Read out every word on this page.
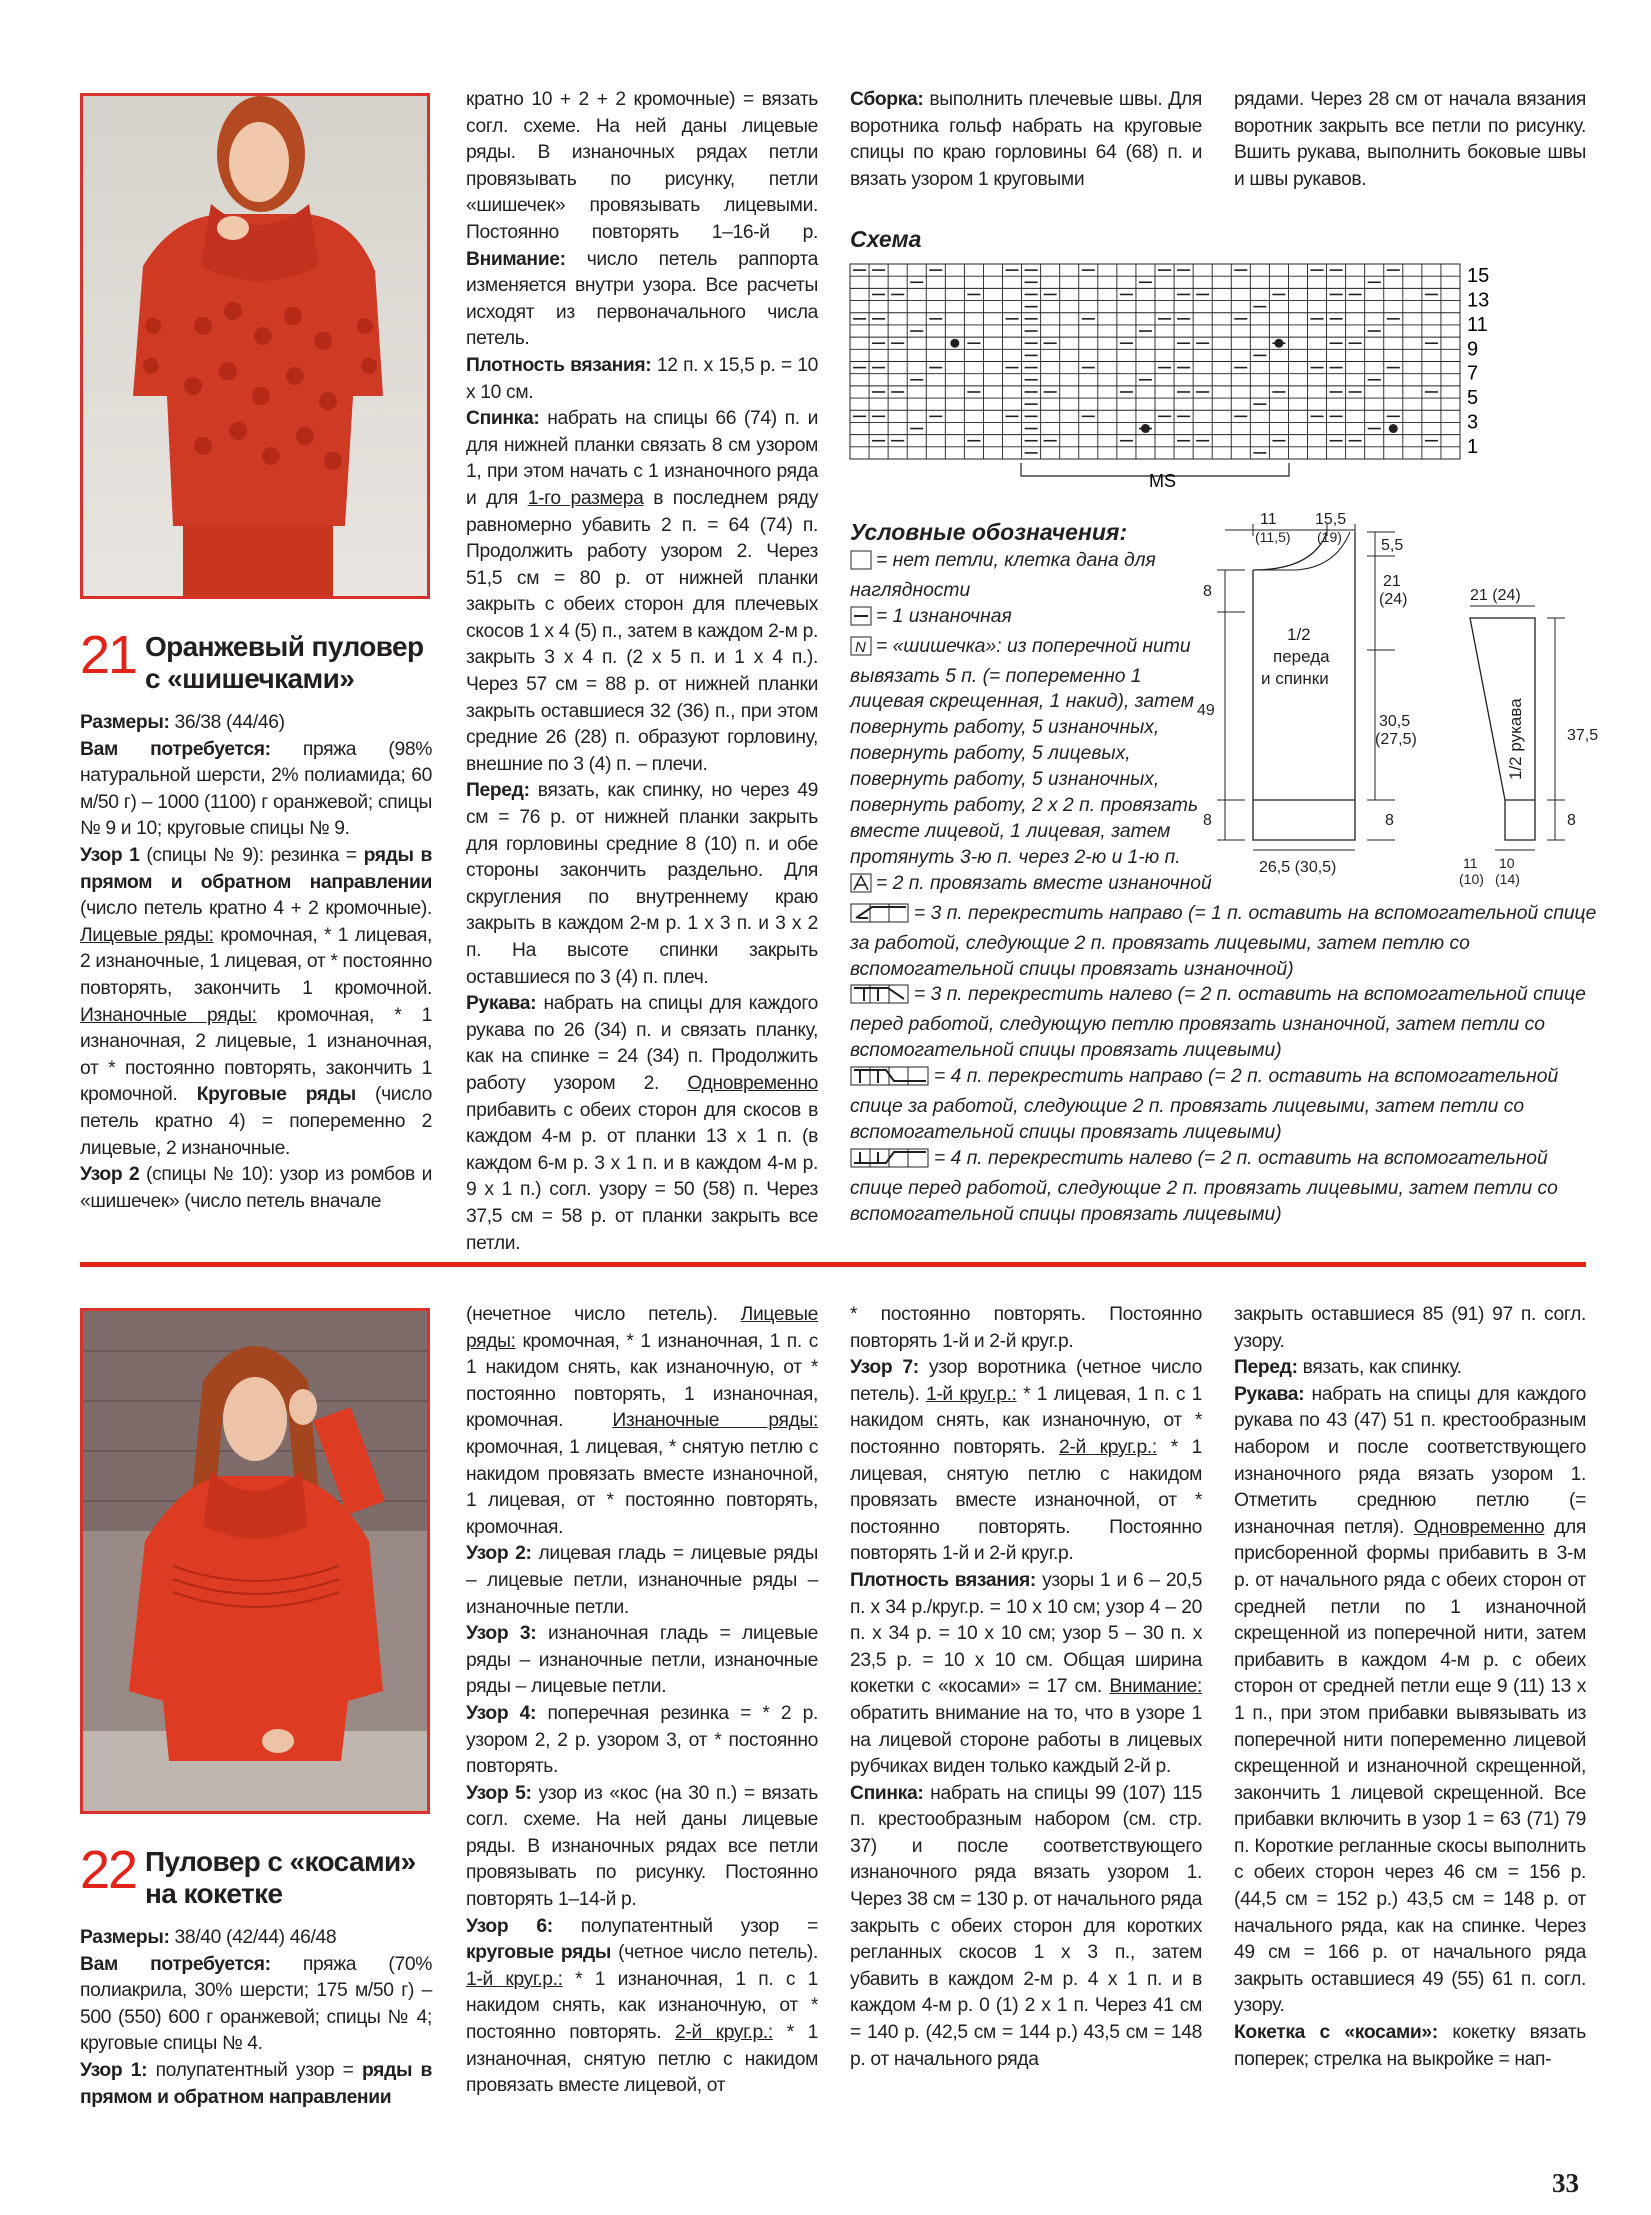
21 Оранжевый пуловер
с «шишечками»

Размеры: 36/38 (44/46)

Вам потребуется: пряжа (98% натуральной шерсти, 2% полиамида; 60 м/50 г) – 1000 (1100) г оранжевой; спицы № 9 и 10; круговые спицы № 9.

Узор 1 (спицы № 9): резинка = ряды в прямом и обратном направлении (число петель кратно 4 + 2 кромочные). Лицевые ряды: кромочная, * 1 лицевая, 2 изнаночные, 1 лицевая, от * постоянно повторять, закончить 1 кромочной. Изнаночные ряды: кромочная, * 1 изнаночная, 2 лицевые, 1 изнаночная, от * постоянно повторять, закончить 1 кромочной. Круговые ряды (число петель кратно 4) = попеременно 2 лицевые, 2 изнаночные.

Узор 2 (спицы № 10): узор из ромбов и «шишечек» (число петель вначале

кратно 10 + 2 + 2 кромочные) = вязать согл. схеме. На ней даны лицевые ряды. В изнаночных рядах петли провязывать по рисунку, петли «шишечек» провязывать лицевыми. Постоянно повторять 1–16-й р. Внимание: число петель раппорта изменяется внутри узора. Все расчеты исходят из первоначального числа петель.

Плотность вязания: 12 п. х 15,5 р. = 10 х 10 см.

Спинка: набрать на спицы 66 (74) п. и для нижней планки связать 8 см узором 1, при этом начать с 1 изнаночного ряда и для 1-го размера в последнем ряду равномерно убавить 2 п. = 64 (74) п. Продолжить работу узором 2. Через 51,5 см = 80 р. от нижней планки закрыть с обеих сторон для плечевых скосов 1 х 4 (5) п., затем в каждом 2-м р. закрыть 3 х 4 п. (2 х 5 п. и 1 х 4 п.). Через 57 см = 88 р. от нижней планки закрыть оставшиеся 32 (36) п., при этом средние 26 (28) п. образуют горловину, внешние по 3 (4) п. – плечи.

Перед: вязать, как спинку, но через 49 см = 76 р. от нижней планки закрыть для горловины средние 8 (10) п. и обе стороны закончить раздельно. Для скругления по внутреннему краю закрыть в каждом 2-м р. 1 х 3 п. и 3 х 2 п. На высоте спинки закрыть оставшиеся по 3 (4) п. плеч.

Рукава: набрать на спицы для каждого рукава по 26 (34) п. и связать планку, как на спинке = 24 (34) п. Продолжить работу узором 2. Одновременно прибавить с обеих сторон для скосов в каждом 4-м р. от планки 13 х 1 п. (в каждом 6-м р. 3 х 1 п. и в каждом 4-м р. 9 х 1 п.) согл. узору = 50 (58) п. Через 37,5 см = 58 р. от планки закрыть все петли.

Сборка: выполнить плечевые швы. Для воротника гольф набрать на круговые спицы по краю горловины 64 (68) п. и вязать узором 1 круговыми

рядами. Через 28 см от начала вязания воротник закрыть все петли по рисунку. Вшить рукава, выполнить боковые швы и швы рукавов.

Схема
MS
15
13
11
9
7
5
3
1
Условные обозначения:
= нет петли, клетка дана для наглядности
= 1 изнаночная
N = «шишечка»: из поперечной нити вывязать 5 п. (= попеременно 1 лицевая скрещенная, 1 накид), затем повернуть работу, 5 изнаночных, повернуть работу, 5 лицевых, повернуть работу, 5 изнаночных, повернуть работу, 2 х 2 п. провязать вместе лицевой, 1 лицевая, затем протянуть 3-ю п. через 2-ю и 1-ю п.
= 2 п. провязать вместе изнаночной
= 3 п. перекрестить направо (= 1 п. оставить на вспомогательной спице за работой, следующие 2 п. провязать лицевыми, затем петлю со вспомогательной спицы провязать изнаночной)
= 3 п. перекрестить налево (= 2 п. оставить на вспомогательной спице перед работой, следующую петлю провязать изнаночной, затем петли со вспомогательной спицы провязать лицевыми)
= 4 п. перекрестить направо (= 2 п. оставить на вспомогательной спице за работой, следующие 2 п. провязать лицевыми, затем петли со вспомогательной спицы провязать лицевыми)
= 4 п. перекрестить налево (= 2 п. оставить на вспомогательной спице перед работой, следующие 2 п. провязать лицевыми, затем петли со вспомогательной спицы провязать лицевыми)
11
(11,5)
15,5
(19)
8
49
8
5,5
21
(24)
30,5
(27,5)
8
1/2
переда
и спинки
26,5 (30,5)
21 (24)
1/2 рукава	37,5
8
11
(10)
10
(14)
22 Пуловер с «косами»
на кокетке

Размеры: 38/40 (42/44) 46/48

Вам потребуется: пряжа (70% полиакрила, 30% шерсти; 175 м/50 г) – 500 (550) 600 г оранжевой; спицы № 4; круговые спицы № 4.

Узор 1: полупатентный узор = ряды в прямом и обратном направлении

(нечетное число петель). Лицевые ряды: кромочная, * 1 изнаночная, 1 п. с 1 накидом снять, как изнаночную, от * постоянно повторять, 1 изнаночная, кромочная. Изнаночные ряды: кромочная, 1 лицевая, * снятую петлю с накидом провязать вместе изнаночной, 1 лицевая, от * постоянно повторять, кромочная.

Узор 2: лицевая гладь = лицевые ряды – лицевые петли, изнаночные ряды – изнаночные петли.

Узор 3: изнаночная гладь = лицевые ряды – изнаночные петли, изнаночные ряды – лицевые петли.

Узор 4: поперечная резинка = * 2 р. узором 2, 2 р. узором 3, от * постоянно повторять.

Узор 5: узор из «кос (на 30 п.) = вязать согл. схеме. На ней даны лицевые ряды. В изнаночных рядах все петли провязывать по рисунку. Постоянно повторять 1–14-й р.

Узор 6: полупатентный узор = круговые ряды (четное число петель). 1-й круг.р.: * 1 изнаночная, 1 п. с 1 накидом снять, как изнаночную, от * постоянно повторять. 2-й круг.р.: * 1 изнаночная, снятую петлю с накидом провязать вместе лицевой, от

* постоянно повторять. Постоянно повторять 1-й и 2-й круг.р.

Узор 7: узор воротника (четное число петель). 1-й круг.р.: * 1 лицевая, 1 п. с 1 накидом снять, как изнаночную, от * постоянно повторять. 2-й круг.р.: * 1 лицевая, снятую петлю с накидом провязать вместе изнаночной, от * постоянно повторять. Постоянно повторять 1-й и 2-й круг.р.

Плотность вязания: узоры 1 и 6 – 20,5 п. х 34 р./круг.р. = 10 х 10 см; узор 4 – 20 п. х 34 р. = 10 х 10 см; узор 5 – 30 п. х 23,5 р. = 10 х 10 см. Общая ширина кокетки с «косами» = 17 см. Внимание: обратить внимание на то, что в узоре 1 на лицевой стороне работы в лицевых рубчиках виден только каждый 2-й р.

Спинка: набрать на спицы 99 (107) 115 п. крестообразным набором (см. стр. 37) и после соответствующего изнаночного ряда вязать узором 1. Через 38 см = 130 р. от начального ряда закрыть с обеих сторон для коротких регланных скосов 1 х 3 п., затем убавить в каждом 2-м р. 4 х 1 п. и в каждом 4-м р. 0 (1) 2 х 1 п. Через 41 см = 140 р. (42,5 см = 144 р.) 43,5 см = 148 р. от начального ряда

закрыть оставшиеся 85 (91) 97 п. согл. узору.

Перед: вязать, как спинку.

Рукава: набрать на спицы для каждого рукава по 43 (47) 51 п. крестообразным набором и после соответствующего изнаночного ряда вязать узором 1. Отметить среднюю петлю (= изнаночная петля). Одновременно для присборенной формы прибавить в 3-м р. от начального ряда с обеих сторон от средней петли по 1 изнаночной скрещенной из поперечной нити, затем прибавить в каждом 4-м р. с обеих сторон от средней петли еще 9 (11) 13 х 1 п., при этом прибавки вывязывать из поперечной нити попеременно лицевой скрещенной и изнаночной скрещенной, закончить 1 лицевой скрещенной. Все прибавки включить в узор 1 = 63 (71) 79 п. Короткие регланные скосы выполнить с обеих сторон через 46 см = 156 р. (44,5 см = 152 р.) 43,5 см = 148 р. от начального ряда, как на спинке. Через 49 см = 166 р. от начального ряда закрыть оставшиеся 49 (55) 61 п. согл. узору.

Кокетка с «косами»: кокетку вязать поперек; стрелка на выкройке = нап-

33
